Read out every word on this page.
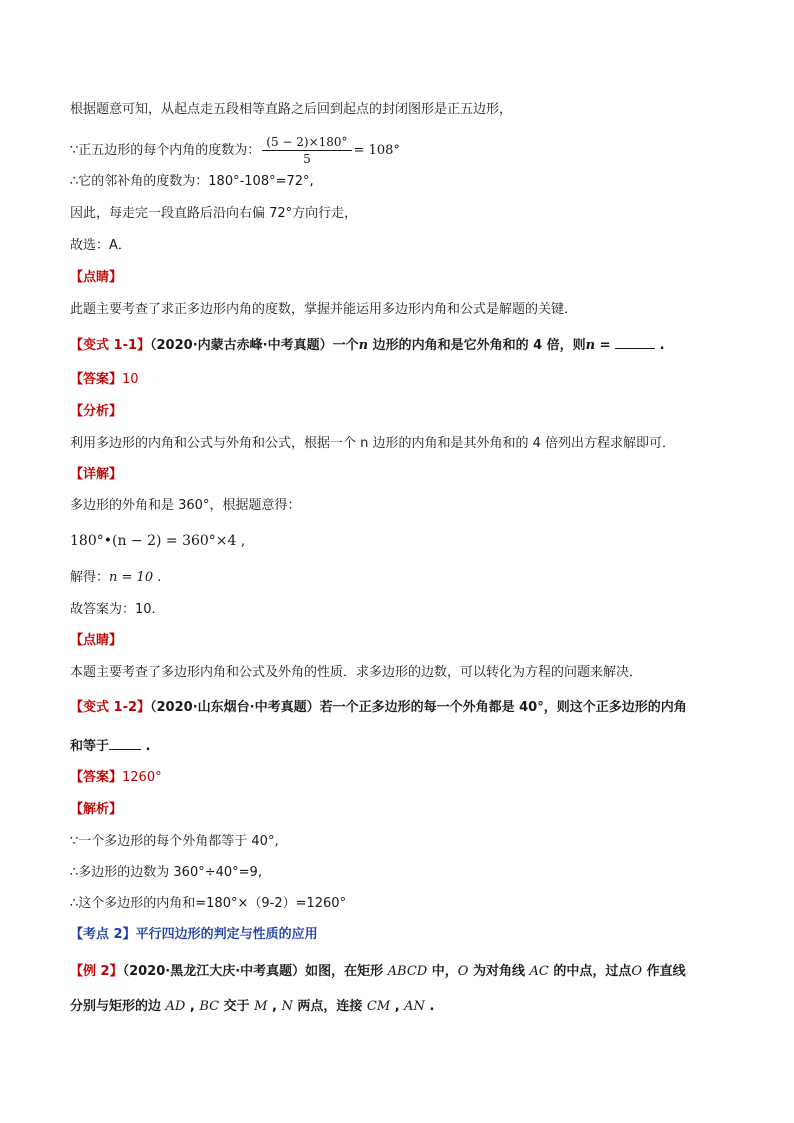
根据题意可知，从起点走五段相等直路之后回到起点的封闭图形是正五边形，
∵正五边形的每个内角的度数为： $\frac{(5 - 2)\times 180^\circ}{5} = 108^\circ$
∴它的邻补角的度数为：180°-108°=72°,
因此，每走完一段直路后沿向右偏 72°方向行走，
故选：A．
【点睛】
此题主要考查了求正多边形内角的度数，掌握并能运用多边形内角和公式是解题的关键．
【变式 1-1】（2020·内蒙古赤峰·中考真题）一个n 边形的内角和是它外角和的 4 倍，则n =	.
【答案】10
【分析】
利用多边形的内角和公式与外角和公式，根据一个 n 边形的内角和是其外角和的 4 倍列出方程求解即可．
【详解】
多边形的外角和是 360°，根据题意得：
180°•(n − 2) = 360°×4 ,
解得：n = 10 .
故答案为：10．
【点睛】
本题主要考查了多边形内角和公式及外角的性质．求多边形的边数，可以转化为方程的问题来解决．
【变式 1-2】（2020·山东烟台·中考真题）若一个正多边形的每一个外角都是 40°，则这个正多边形的内角
和等于 .
【答案】1260°
【解析】
∵一个多边形的每个外角都等于 40°,
∴多边形的边数为 360°÷40°=9,
∴这个多边形的内角和=180°×（9-2）=1260°
【考点 2】平行四边形的判定与性质的应用
【例 2】（2020·黑龙江大庆·中考真题）如图，在矩形 ABCD 中，O 为对角线 AC 的中点，过点O 作直线
分别与矩形的边 AD , BC 交于 M , N 两点，连接 CM , AN .
